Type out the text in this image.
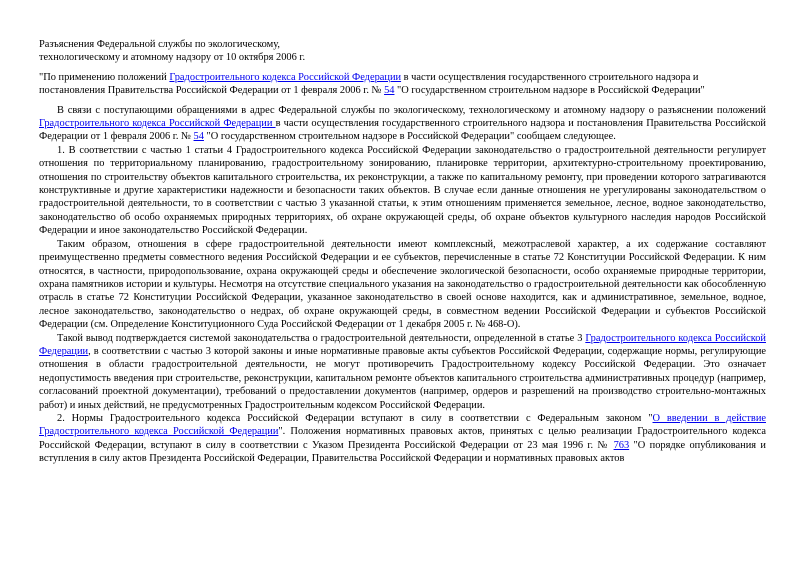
Разъяснения Федеральной службы по экологическому,
технологическому и атомному надзору от 10 октября 2006 г.
"По применению положений Градостроительного кодекса Российской Федерации в части осуществления государственного строительного надзора и постановления Правительства Российской Федерации от 1 февраля 2006 г. № 54 "О государственном строительном надзоре в Российской Федерации"

В связи с поступающими обращениями в адрес Федеральной службы по экологическому, технологическому и атомному надзору о разъяснении положений Градостроительного кодекса Российской Федерации в части осуществления государственного строительного надзора и постановления Правительства Российской Федерации от 1 февраля 2006 г. № 54 "О государственном строительном надзоре в Российской Федерации" сообщаем следующее.

1. В соответствии с частью 1 статьи 4 Градостроительного кодекса Российской Федерации законодательство о градостроительной деятельности регулирует отношения по территориальному планированию, градостроительному зонированию, планировке территории, архитектурно-строительному проектированию, отношения по строительству объектов капитального строительства, их реконструкции, а также по капитальному ремонту, при проведении которого затрагиваются конструктивные и другие характеристики надежности и безопасности таких объектов. В случае если данные отношения не урегулированы законодательством о градостроительной деятельности, то в соответствии с частью 3 указанной статьи, к этим отношениям применяется земельное, лесное, водное законодательство, законодательство об особо охраняемых природных территориях, об охране окружающей среды, об охране объектов культурного наследия народов Российской Федерации и иное законодательство Российской Федерации.

Таким образом, отношения в сфере градостроительной деятельности имеют комплексный, межотраслевой характер, а их содержание составляют преимущественно предметы совместного ведения Российской Федерации и ее субъектов, перечисленные в статье 72 Конституции Российской Федерации. К ним относятся, в частности, природопользование, охрана окружающей среды и обеспечение экологической безопасности, особо охраняемые природные территории, охрана памятников истории и культуры. Несмотря на отсутствие специального указания на законодательство о градостроительной деятельности как обособленную отрасль в статье 72 Конституции Российской Федерации, указанное законодательство в своей основе находится, как и административное, земельное, водное, лесное законодательство, законодательство о недрах, об охране окружающей среды, в совместном ведении Российской Федерации и субъектов Российской Федерации (см. Определение Конституционного Суда Российской Федерации от 1 декабря 2005 г. № 468-О).

Такой вывод подтверждается системой законодательства о градостроительной деятельности, определенной в статье 3 Градостроительного кодекса Российской Федерации, в соответствии с частью 3 которой законы и иные нормативные правовые акты субъектов Российской Федерации, содержащие нормы, регулирующие отношения в области градостроительной деятельности, не могут противоречить Градостроительному кодексу Российской Федерации. Это означает недопустимость введения при строительстве, реконструкции, капитальном ремонте объектов капитального строительства административных процедур (например, согласований проектной документации), требований о предоставлении документов (например, ордеров и разрешений на производство строительно-монтажных работ) и иных действий, не предусмотренных Градостроительным кодексом Российской Федерации.

2. Нормы Градостроительного кодекса Российской Федерации вступают в силу в соответствии с Федеральным законом "О введении в действие Градостроительного кодекса Российской Федерации". Положения нормативных правовых актов, принятых с целью реализации Градостроительного кодекса Российской Федерации, вступают в силу в соответствии с Указом Президента Российской Федерации от 23 мая 1996 г. № 763 "О порядке опубликования и вступления в силу актов Президента Российской Федерации, Правительства Российской Федерации и нормативных правовых актов
